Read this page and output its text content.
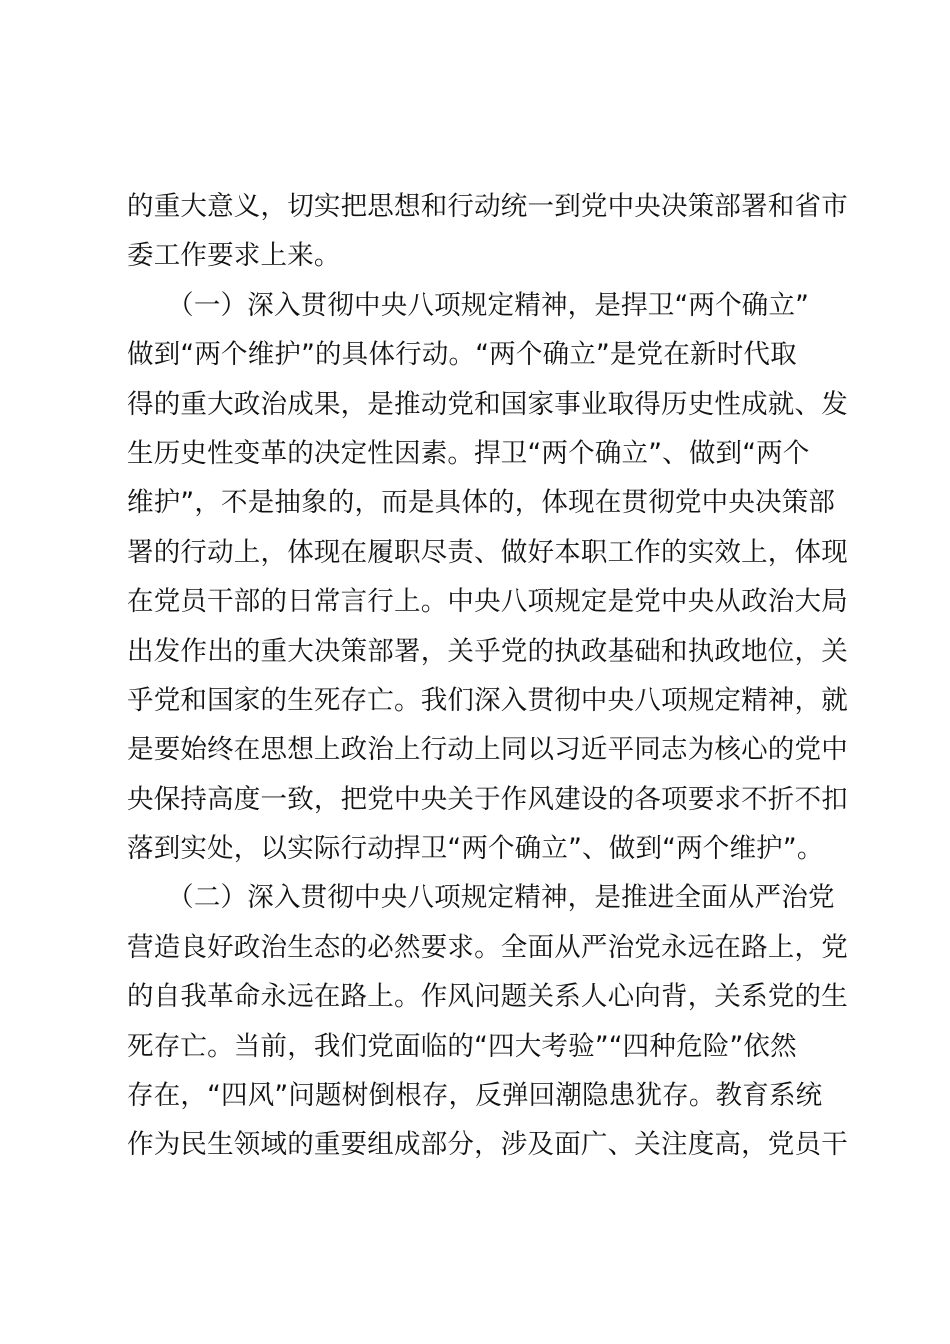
的重大意义，切实把思想和行动统一到党中央决策部署和省市
委工作要求上来。
　　（一）深入贯彻中央八项规定精神，是捍卫“两个确立”
做到“两个维护”的具体行动。“两个确立”是党在新时代取
得的重大政治成果，是推动党和国家事业取得历史性成就、发
生历史性变革的决定性因素。捍卫“两个确立”、做到“两个
维护”，不是抽象的，而是具体的，体现在贯彻党中央决策部
署的行动上，体现在履职尽责、做好本职工作的实效上，体现
在党员干部的日常言行上。中央八项规定是党中央从政治大局
出发作出的重大决策部署，关乎党的执政基础和执政地位，关
乎党和国家的生死存亡。我们深入贯彻中央八项规定精神，就
是要始终在思想上政治上行动上同以习近平同志为核心的党中
央保持高度一致，把党中央关于作风建设的各项要求不折不扣
落到实处，以实际行动捍卫“两个确立”、做到“两个维护”。
　　（二）深入贯彻中央八项规定精神，是推进全面从严治党
营造良好政治生态的必然要求。全面从严治党永远在路上，党
的自我革命永远在路上。作风问题关系人心向背，关系党的生
死存亡。当前，我们党面临的“四大考验”“四种危险”依然
存在，“四风”问题树倒根存，反弹回潮隐患犹存。教育系统
作为民生领域的重要组成部分，涉及面广、关注度高，党员干
